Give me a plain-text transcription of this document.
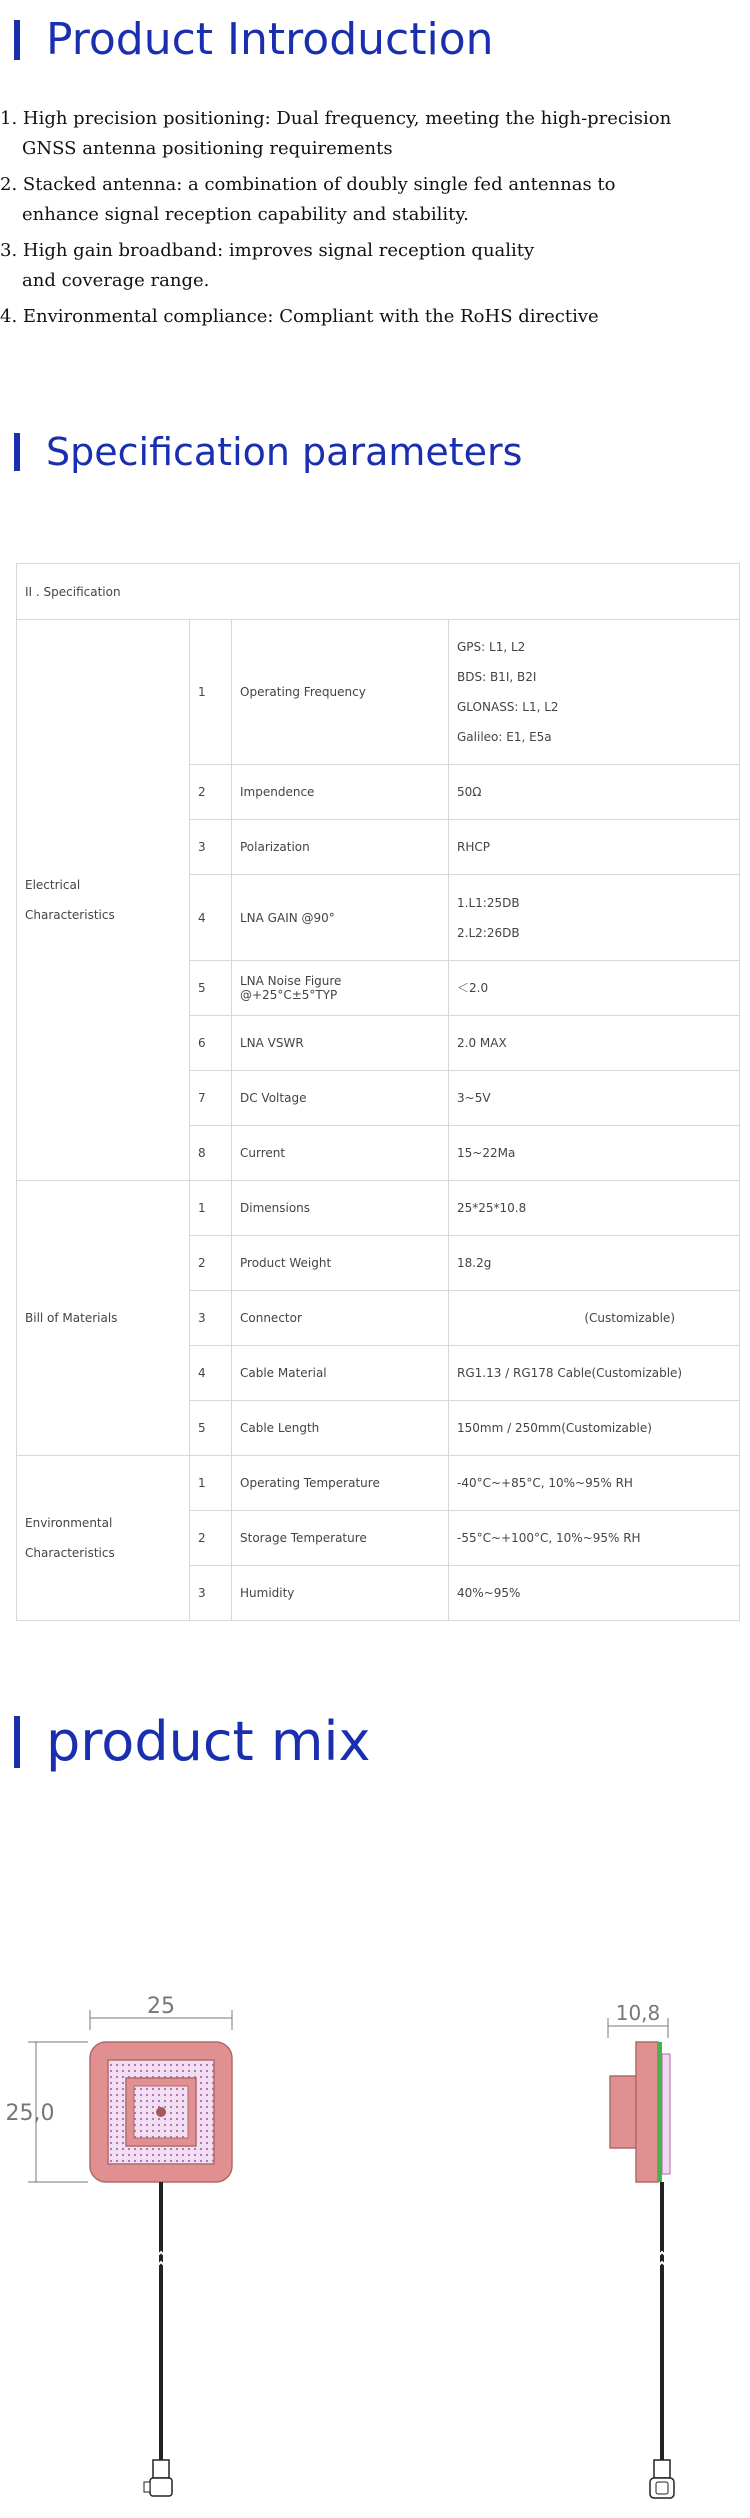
Product Introduction
1. High precision positioning: Dual frequency, meeting the high-precision
GNSS antenna positioning requirements
2. Stacked antenna: a combination of doubly single fed antennas to
enhance signal reception capability and stability.
3. High gain broadband: improves signal reception quality
and coverage range.
4. Environmental compliance: Compliant with the RoHS directive
Specification parameters
II . Specification			

Electrical
Characteristics	1	Operating Frequency	GPS: L1, L2
BDS: B1I, B2I
GLONASS: L1, L2
Galileo: E1, E5a

	2	Impendence	50Ω

	3	Polarization	RHCP

	4	LNA GAIN @90°	1.L1:25DB
2.L2:26DB

	5	LNA Noise Figure @+25°C±5°TYP	＜2.0

	6	LNA VSWR	2.0 MAX

	7	DC Voltage	3~5V

	8	Current	15~22Ma

Bill of Materials	1	Dimensions	25*25*10.8

	2	Product Weight	18.2g

	3	Connector	(Customizable)

	4	Cable Material	RG1.13 / RG178 Cable(Customizable)

	5	Cable Length	150mm / 250mm(Customizable)

Environmental
Characteristics	1	Operating Temperature	-40°C~+85°C, 10%~95% RH

	2	Storage Temperature	-55°C~+100°C, 10%~95% RH

	3	Humidity	40%~95%
product mix
25
25,0
10,8
